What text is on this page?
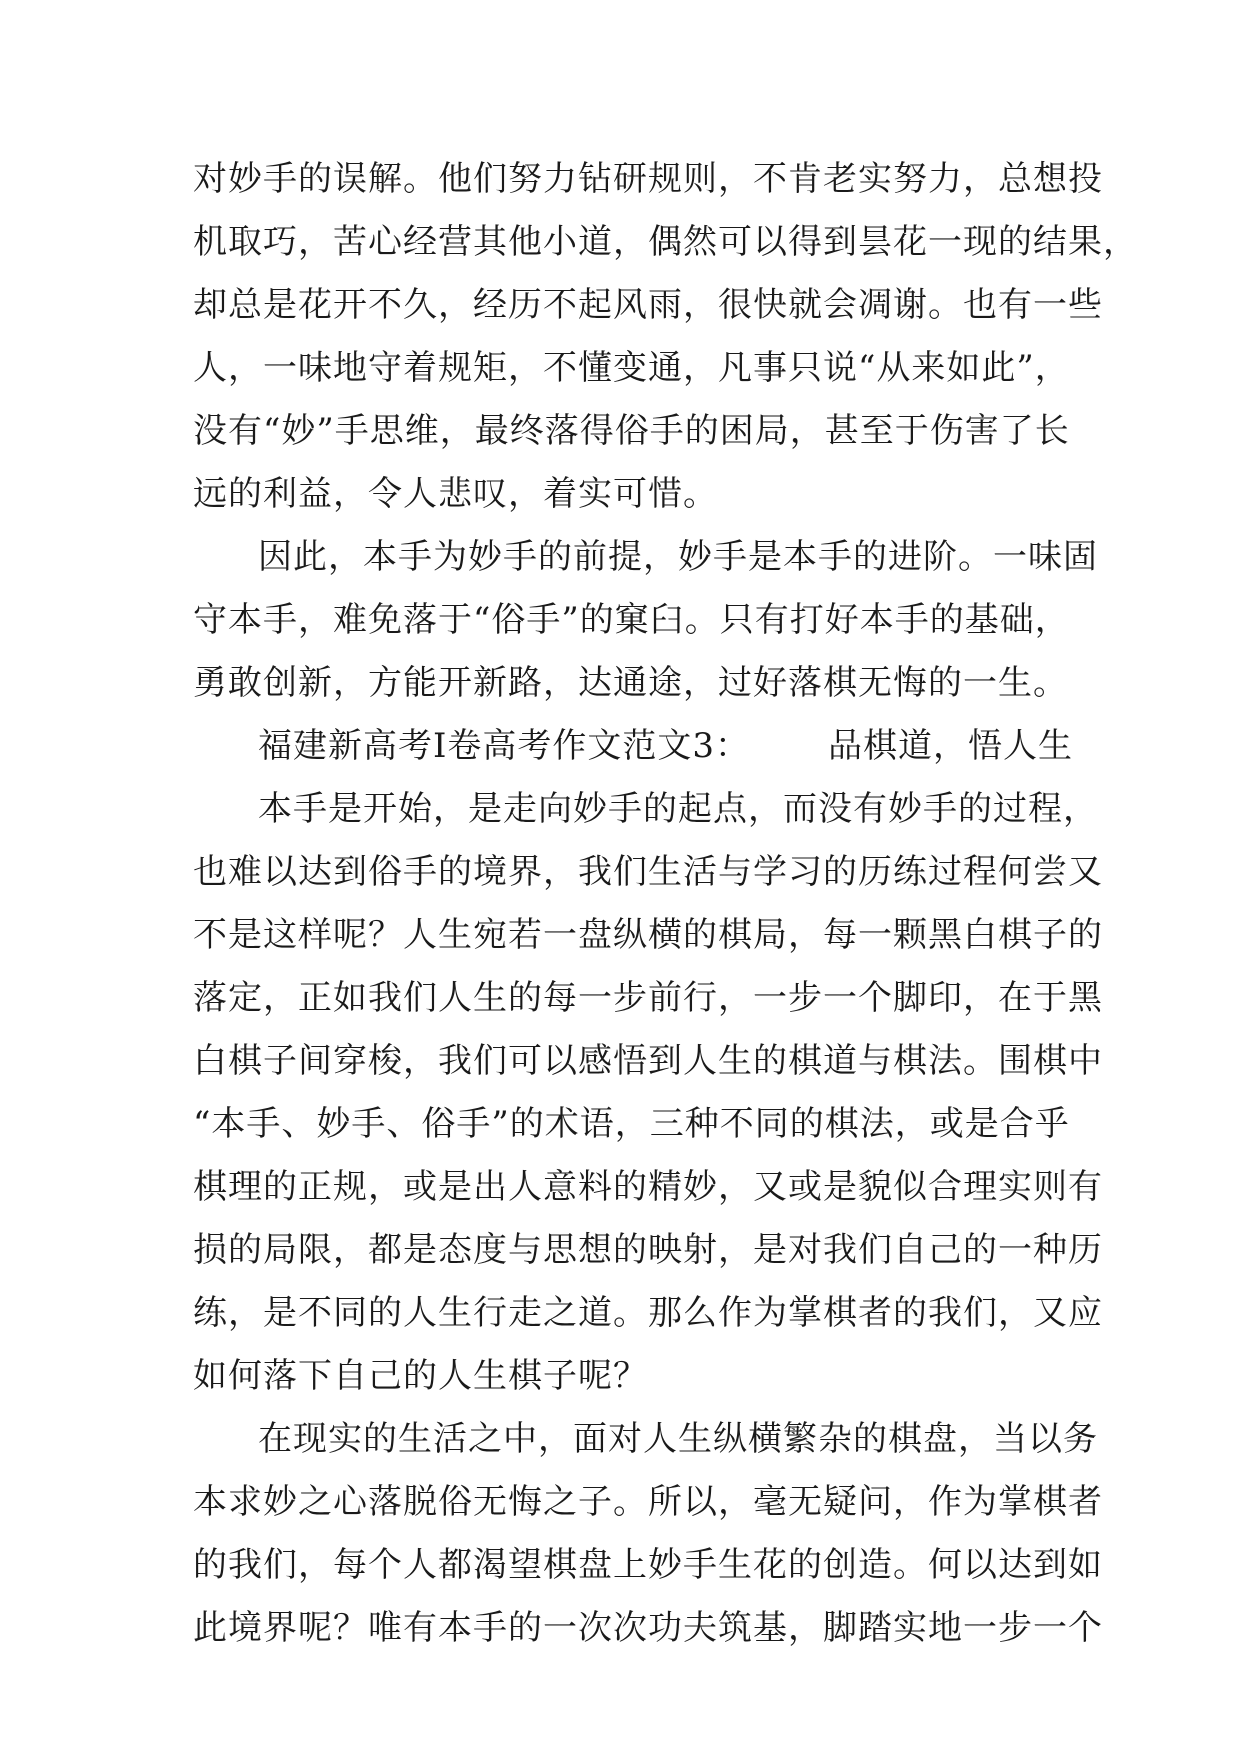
对妙手的误解。他们努力钻研规则，不肯老实努力，总想投
机取巧，苦心经营其他小道，偶然可以得到昙花一现的结果，
却总是花开不久，经历不起风雨，很快就会凋谢。也有一些
人，一味地守着规矩，不懂变通，凡事只说“从来如此”，
没有“妙”手思维，最终落得俗手的困局，甚至于伤害了长
远的利益，令人悲叹，着实可惜。
因此，本手为妙手的前提，妙手是本手的进阶。一味固
守本手，难免落于“俗手”的窠臼。只有打好本手的基础，
勇敢创新，方能开新路，达通途，过好落棋无悔的一生。
福建新高考Ⅰ卷高考作文范文3： 品棋道，悟人生
本手是开始，是走向妙手的起点，而没有妙手的过程，
也难以达到俗手的境界，我们生活与学习的历练过程何尝又
不是这样呢？人生宛若一盘纵横的棋局，每一颗黑白棋子的
落定，正如我们人生的每一步前行，一步一个脚印，在于黑
白棋子间穿梭，我们可以感悟到人生的棋道与棋法。围棋中
“本手、妙手、俗手”的术语，三种不同的棋法，或是合乎
棋理的正规，或是出人意料的精妙，又或是貌似合理实则有
损的局限，都是态度与思想的映射，是对我们自己的一种历
练，是不同的人生行走之道。那么作为掌棋者的我们，又应
如何落下自己的人生棋子呢？
在现实的生活之中，面对人生纵横繁杂的棋盘，当以务
本求妙之心落脱俗无悔之子。所以，毫无疑问，作为掌棋者
的我们，每个人都渴望棋盘上妙手生花的创造。何以达到如
此境界呢？唯有本手的一次次功夫筑基，脚踏实地一步一个
